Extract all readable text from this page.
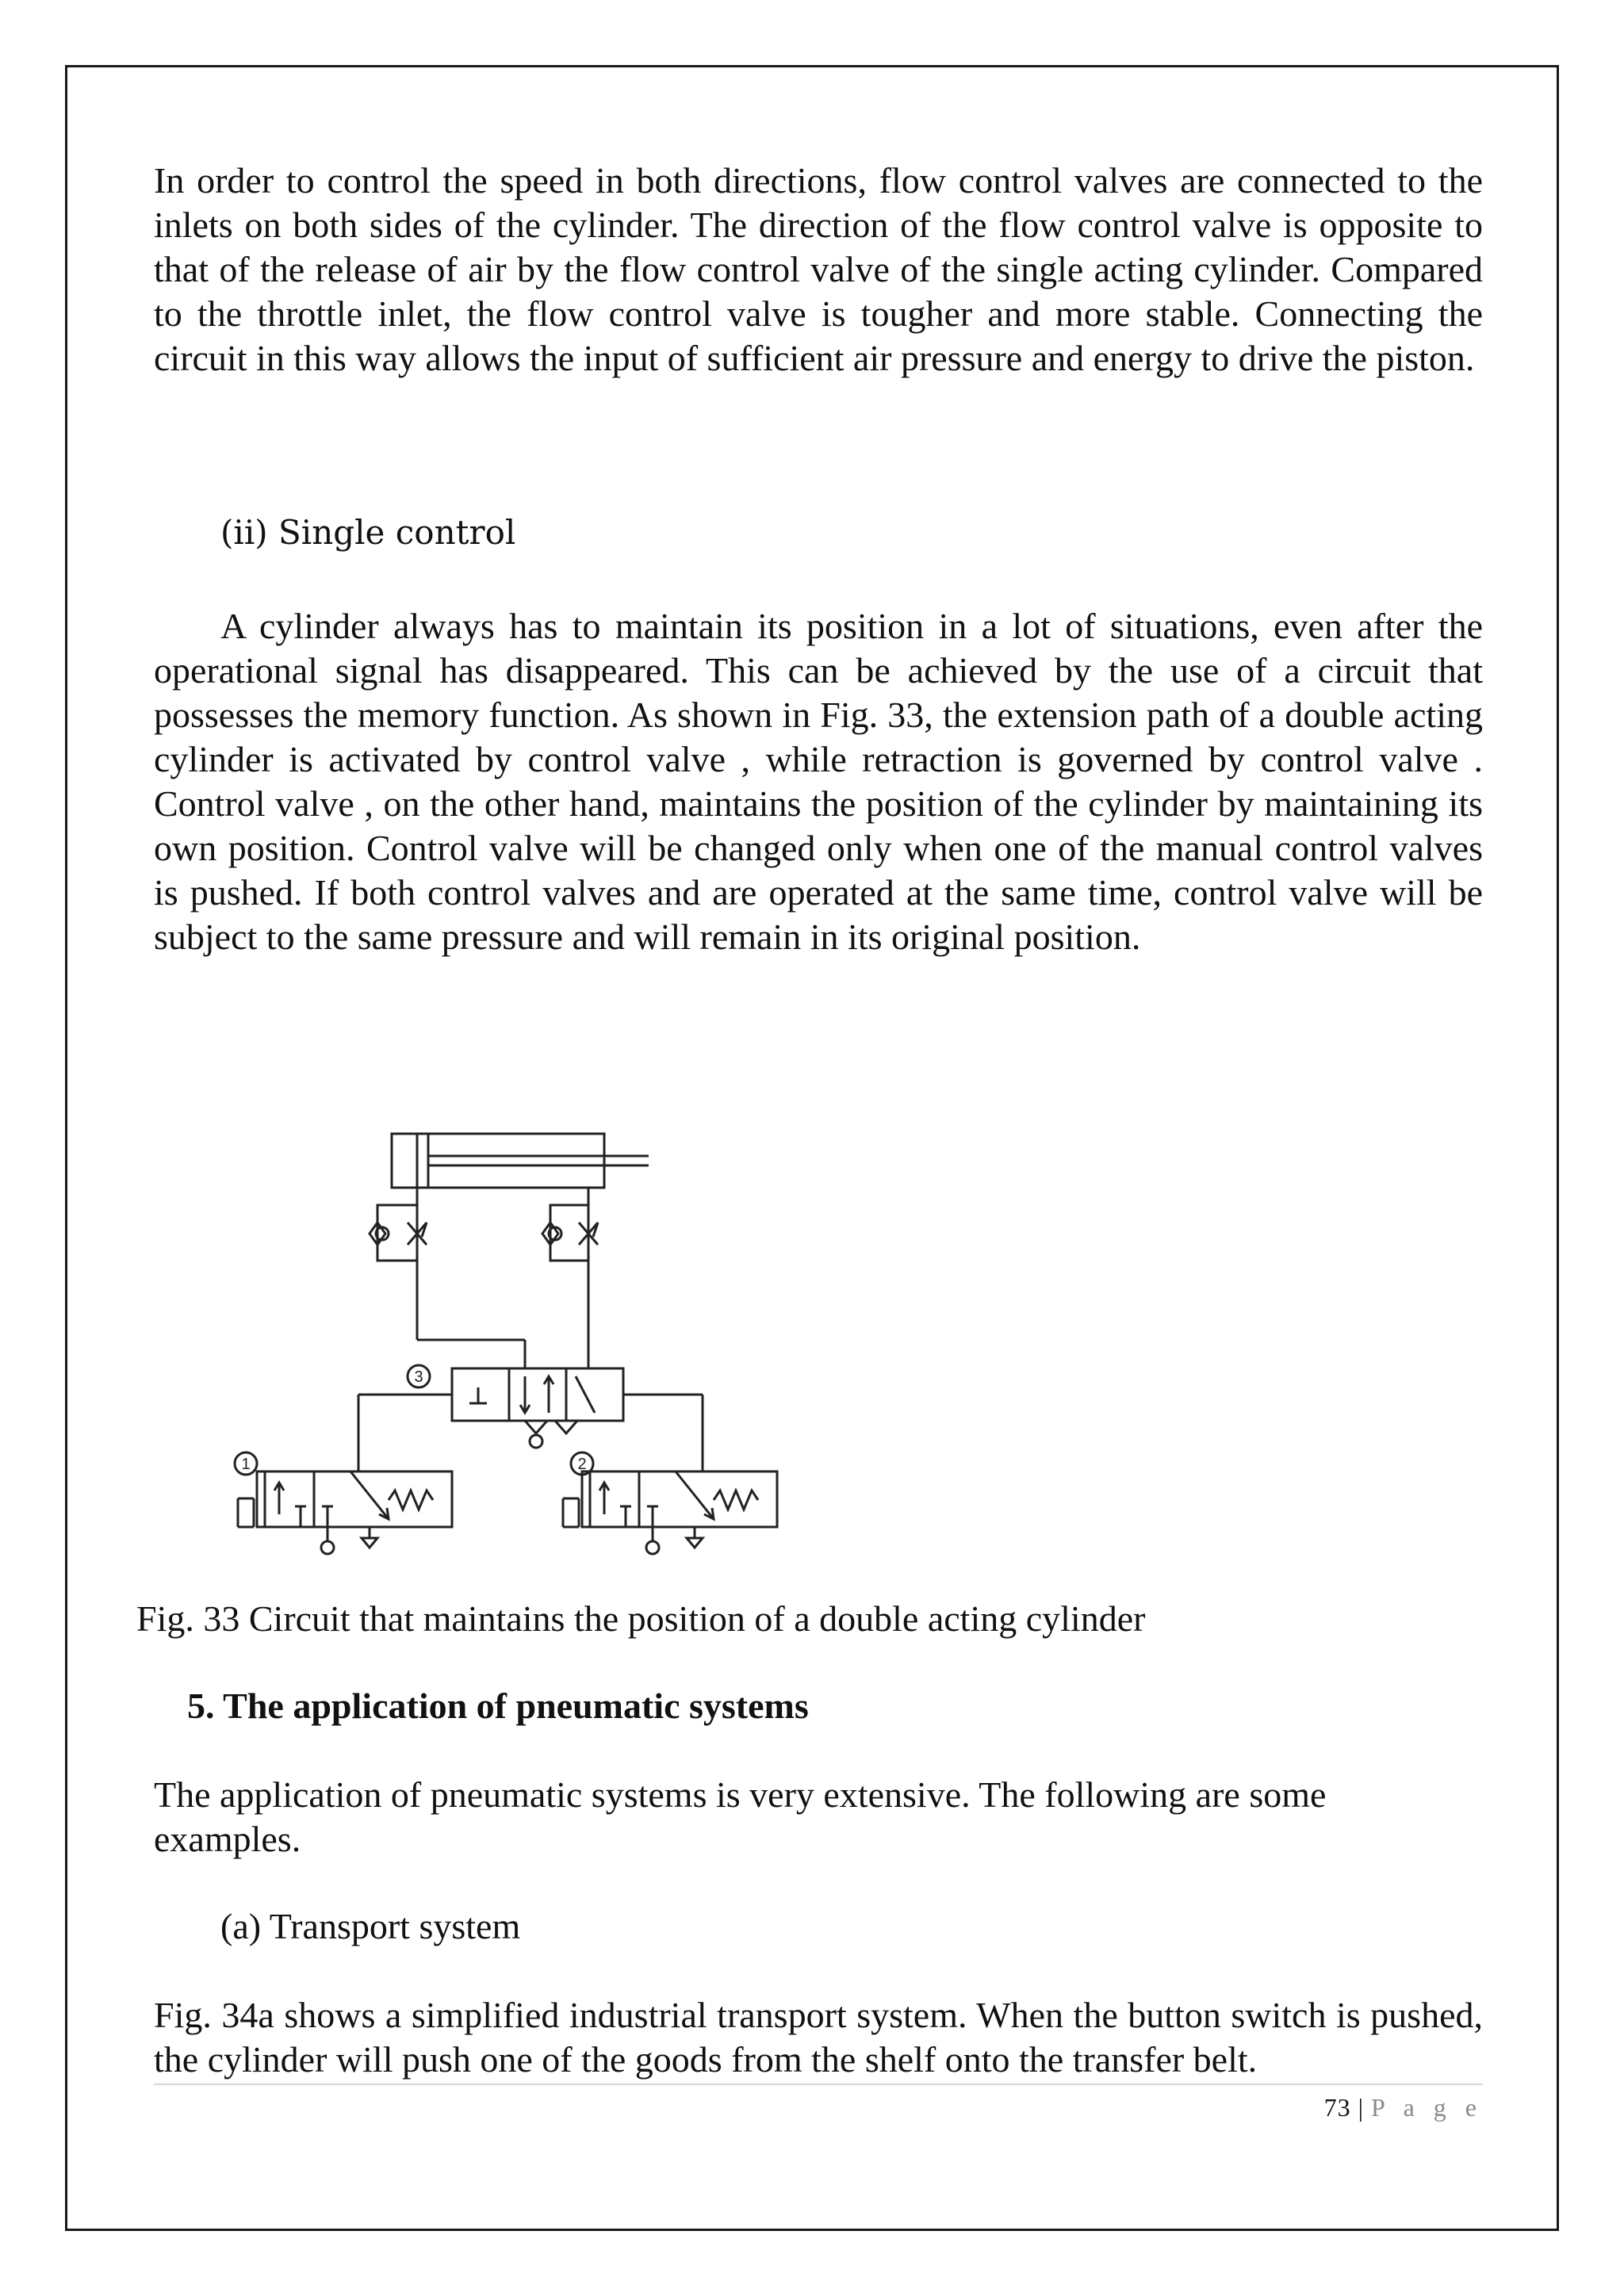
In order to control the speed in both directions, flow control valves are connected to the inlets on both sides of the cylinder. The direction of the flow control valve is opposite to that of the release of air by the flow control valve of the single acting cylinder. Compared to the throttle inlet, the flow control valve is tougher and more stable. Connecting the circuit in this way allows the input of sufficient air pressure and energy to drive the piston.

(ii) Single control

A cylinder always has to maintain its position in a lot of situations, even after the operational signal has disappeared. This can be achieved by the use of a circuit that possesses the memory function. As shown in Fig. 33, the extension path of a double acting cylinder is activated by control valve , while retraction is governed by control valve . Control valve , on the other hand, maintains the position of the cylinder by maintaining its own position. Control valve will be changed only when one of the manual control valves is pushed. If both control valves and are operated at the same time, control valve will be subject to the same pressure and will remain in its original position.

3
1	2

Fig. 33 Circuit that maintains the position of a double acting cylinder

5. The application of pneumatic systems

The application of pneumatic systems is very extensive. The following are some examples.

(a) Transport system

Fig. 34a shows a simplified industrial transport system. When the button switch is pushed, the cylinder will push one of the goods from the shelf onto the transfer belt.

73 | P a g e
